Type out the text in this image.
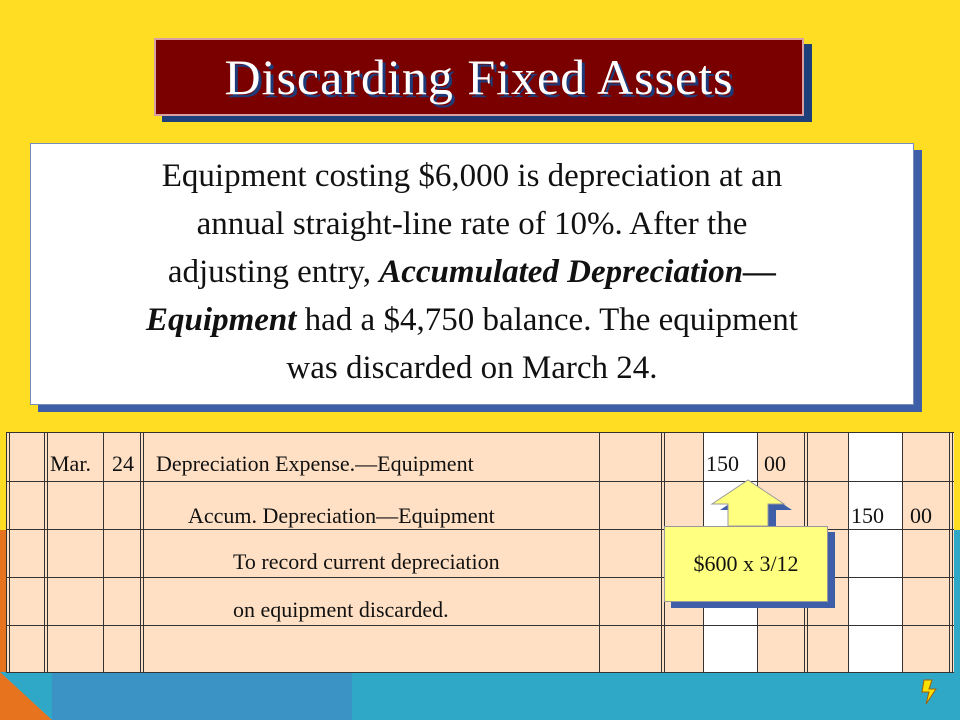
Discarding Fixed Assets
Equipment costing $6,000 is depreciation at an
annual straight-line rate of 10%. After the
adjusting entry, Accumulated Depreciation—
Equipment had a $4,750 balance. The equipment
was discarded on March 24.
Mar. 24 Depreciation Expense.—Equipment	150 00
Accum. Depreciation—Equipment	150 00
To record current depreciation
on equipment discarded.
$600 x 3/12
